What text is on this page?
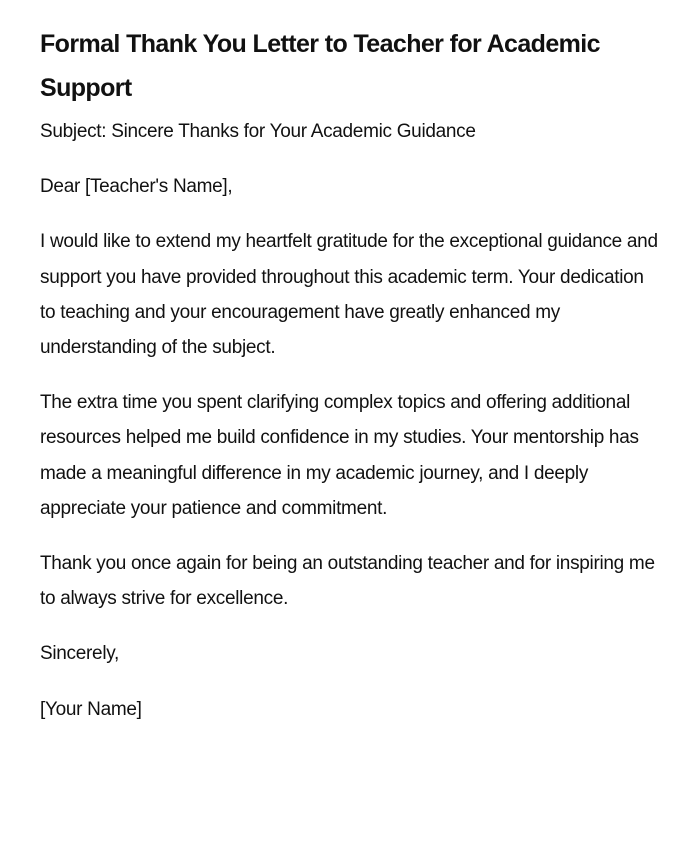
Formal Thank You Letter to Teacher for Academic Support

Subject: Sincere Thanks for Your Academic Guidance

Dear [Teacher's Name],

I would like to extend my heartfelt gratitude for the exceptional guidance and support you have provided throughout this academic term. Your dedication to teaching and your encouragement have greatly enhanced my understanding of the subject.

The extra time you spent clarifying complex topics and offering additional resources helped me build confidence in my studies. Your mentorship has made a meaningful difference in my academic journey, and I deeply appreciate your patience and commitment.

Thank you once again for being an outstanding teacher and for inspiring me to always strive for excellence.

Sincerely,

[Your Name]
